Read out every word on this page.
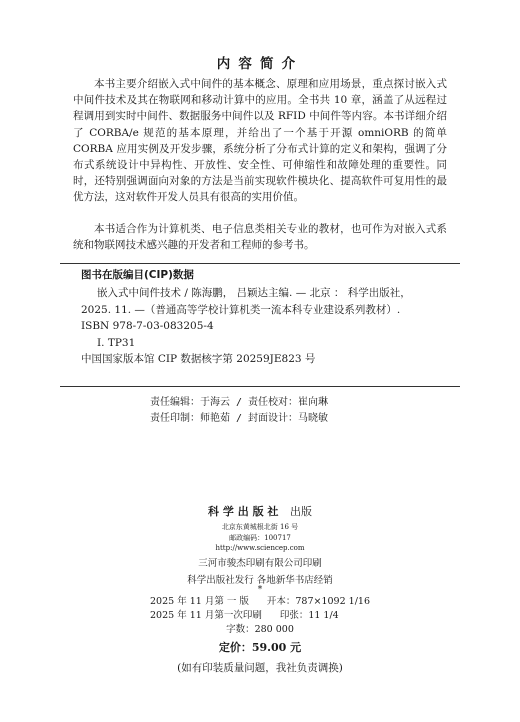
内容简介

本书主要介绍嵌入式中间件的基本概念、原理和应用场景，重点探讨嵌入式中间件技术及其在物联网和移动计算中的应用。全书共 10 章，涵盖了从远程过程调用到实时中间件、数据服务中间件以及 RFID 中间件等内容。本书详细介绍了 CORBA/e 规范的基本原理，并给出了一个基于开源 omniORB 的简单 CORBA 应用实例及开发步骤，系统分析了分布式计算的定义和架构，强调了分布式系统设计中异构性、开放性、安全性、可伸缩性和故障处理的重要性。同时，还特别强调面向对象的方法是当前实现软件模块化、提高软件可复用性的最优方法，这对软件开发人员具有很高的实用价值。

本书适合作为计算机类、电子信息类相关专业的教材，也可作为对嵌入式系统和物联网技术感兴趣的开发者和工程师的参考书。

图书在版编目(CIP)数据
嵌入式中间件技术 / 陈海鹏， 吕颖达主编. — 北京 ： 科学出版社，
2025. 11. —（普通高等学校计算机类一流本科专业建设系列教材）.
ISBN 978-7-03-083205-4
Ⅰ. TP31
中国国家版本馆 CIP 数据核字第 20259JE823 号
责任编辑：于海云 / 责任校对：崔向琳
责任印制：师艳茹 / 封面设计：马晓敏
科学出版社 出版
北京东黄城根北街 16 号
邮政编码：100717
http://www.sciencep.com
三河市骏杰印刷有限公司印刷
科学出版社发行 各地新华书店经销
*
2025 年 11 月第 一 版 开本：787×1092 1/16
2025 年 11 月第一次印刷 印张：11 1/4
字数：280 000
定价：59.00 元
(如有印装质量问题，我社负责调换)
